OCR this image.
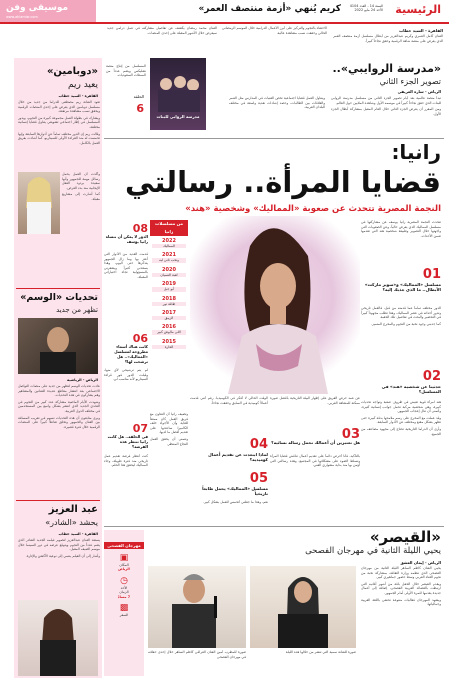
الرئيسية
السنة 14 - العدد 4104
الأحد 24 مايو 2022
كريم يُنهي «أزمة منتصف العمر»
موسيقى وفن
www.ahlamisr.com
القاهرة - السيد خطاب

الفنان كامل العمري وكريم عبدالعزيز من أبطال مسلسل أزمة منتصف العمر الذي يعرض على منصة شاهد الرقمية وحقق نجاحاً كبيراً.

الاحتفاء بالنجوم والتركيز على أبرز الأعمال الدرامية خلال الموسم الرمضاني الحالي وحققت نسب مشاهدة عالية.

الفنان محمد رمضان يكشف عن تفاصيل مشاركته في عمل درامي جديد سيعرض خلال الأشهر المقبلة على إحدى المنصات.

«دوبامين»
يعيد ريم
القاهرة - السيد خطاب

تعود الفنانة ريم مصطفى للدراما من جديد من خلال مسلسل دوبامين الذي يعرض على إحدى المنصات الرقمية ويحقق نسب مشاهدة مرتفعة.

ويشارك في بطولة العمل مجموعة كبيرة من النجوم، ويدور المسلسل في إطار اجتماعي تشويقي يتناول قضايا إنسانية مختلفة.

وقالت ريم إن الدور مختلف تماماً عن أدوارها السابقة وإنها تحمست له منذ القراءة الأولى للسيناريو، كما أشادت بفريق العمل بالكامل.

وأكدت أن العمل يحمل رسائل مهمة للجمهور وأنها سعيدة بردود الفعل الإيجابية منذ بدء العرض.

كما أشارت إلى مشاريع مقبلة.

تحديات «الوسم»
تظهر من جديد
الرياض - الرياضية

عادت تحديات الوسم لتظهر من جديد على منصات التواصل الاجتماعي بعد انتشار مقاطع عديدة للفنانين والمشاهير وهم يشاركون في هذه التحديات.

وشهدت الأيام الماضية مشاركة عدد كبير من النجوم في التحدي الجديد الذي انتشر بشكل واسع بين المستخدمين في مختلف الدول العربية.

ويرى متابعون أن هذه التحديات تسهم في تقريب المسافة بين الفنان والجمهور وتخلق تفاعلاً كبيراً على المنصات الرقمية خلال فترة قصيرة.

عبد العزيز
يحشد «الشادر»
القاهرة - السيد خطاب

يستعد الفنان عبدالعزيز لتصوير فيلمه الجديد الشادر الذي يضم عدداً من النجوم ويتوقع عرضه في دور السينما خلال موسم الصيف المقبل.

وأشار إلى أن الفيلم ينتمي إلى نوعية الأكشن والإثارة.

مدرسة الروابي للبنات
الحلقة
6

المسلسل من إنتاج منصة نتفليكس ويضم عدداً من الممثلات السعوديات.

«مدرسة الروايبي»..
تصوير الجزء الثاني
الرياض - سارة العريفي

تبدأ منصة عالمية بعد أيام تصوير الجزء الثاني من مسلسل مدرسة الروابي للبنات الذي حقق نجاحاً كبيراً في موسمه الأول وشاهده الملايين حول العالم.

ومن المقرر أن يعرض الجزء الثاني خلال العام المقبل بمشاركة أبطال الجزء الأول.

ويتناول العمل قضايا اجتماعية تخص الفتيات في المدارس مثل التنمر والعلاقات بين الطالبات، وحصد إشادات نقدية واسعة في مختلف البلدان العربية.

رانيا:
قضايا المرأة.. رسالتي
النجمة المصرية تتحدث عن صعوبة «المماليك» وشخصية «هند»

تتحدث النجمة المصرية رانيا يوسف عن مشاركتها في مسلسل المماليك الذي يعرض حالياً، وعن الصعوبات التي واجهتها خلال التصوير وطبيعة شخصية هند التي تقدمها ضمن الأحداث.

01
مسلسل «المماليك» و«سوبر ماركت» الأبطال.. ما الذي جذبك إليه؟

الدور مختلف تماماً عما قدمته من قبل، فالعمل تاريخي وتدور أحداثه في عصر المماليك، وهذا تطلب مجهوداً كبيراً في التحضير والبحث في تفاصيل تلك الحقبة.

كما جذبني وجود نخبة من النجوم والمخرج المتميز.

02
حدثينا عن شخصية «هند» في المسلسل؟

هند امرأة قوية تعيش في ظروف صعبة وتواجه تحديات كبيرة، وهي شخصية مركبة تحمل جوانب إنسانية كثيرة، وأتمنى أن تنال إعجاب الجمهور.

وقد عملت مع المخرج على رسم ملامحها بدقة كبيرة حتى تظهر بشكل مقنع ومختلف عن الأدوار السابقة.

وأرى أن الدراما التاريخية تحتاج إلى مجهود مضاعف من الجميع.

03
هل تعتبرين أن أعمالك تحمل رسالة نسائية؟

عن عمد حرص الفريق على إظهار البيئة التاريخية بأفضل صورة ممكنة للمشاهد العربي.

بالتأكيد، فأنا أحرص دائماً على تقديم أعمال تناقش قضايا المرأة وتسلط الضوء على مشكلاتها في المجتمع، وهذه رسالتي التي أؤمن بها منذ بداية مشواري الفني.

الوقت الحالي لا أفكر في الكوميديا، رغم أنني قدمت أعمالاً كوميدية في السابق وحققت نجاحاً.

04
لماذا ابتعدت عن تقديم أعمال كوميدية؟
05
مسلسل «المماليك» يحمل طابعاً تاريخياً

نعم، وهذا ما جعلني أتحمس للعمل بشكل كبير.

من مسلسلات رانيا
2022
المماليك
2021
ونحب تاني ليه
2020
لعبة النسيان
2019
أبو جبل
2018
طاقة نور
2017
الزيبق
2016
اللى مالوش كبير
2015
الحارة
08
الدور لا يمكن أن ننساه رانيا يوسف

قدمت العديد من الأدوار التي أعتز بها وما زال الجمهور يتذكرها حتى اليوم، وهذا يسعدني كثيراً ويشعرني بالمسؤولية تجاه اختياراتي المقبلة.

06
كانت هناك أسماء مطروحة لمسلسل «المماليك».. هل ترشحت لها؟

لم يتم ترشيحي لأي منها، وقبلت الدور فور قراءة السيناريو لأنه مناسب لي.

07
في الحلقة.. هل كانت رانيا تنتظر هذه الفرصة؟

كنت أنتظر فرصة تقديم عمل تاريخي منذ فترة طويلة، وجاء المماليك ليحقق هذا الحلم.

وتضيف رانيا أن التعاون مع فريق العمل كان ممتعاً للغاية وأن الأجواء خلف الكاميرا ساعدتها على تقديم أفضل ما لديها.

وتتمنى أن يحقق العمل النجاح المنتظر.

«القيصر»
يحيي الليلة الثانية في مهرجان الفصحى
الرياض - إيمان العشق

يحيي الفنان كاظم الساهر الليلة الثانية من مهرجان الفصحى الذي تنظمه وزارة الثقافة، بمشاركة نخبة من نجوم الغناء العربي وسط حضور جماهيري كبير.

ويقدم القيصر خلال الحفل باقة من أشهر أغانيه التي ارتبطت بالقصائد العربية الفصحى، إضافة إلى أعمال جديدة يقدمها للمرة الأولى أمام الجمهور.

ويشهد المهرجان فعاليات متنوعة تحتفي باللغة العربية وجمالياتها.

صورة للفنانة سمية التي تنشر من خلالها هذه الليلة

صورة للمطرب أمين الفنان العراقي كاظم الساهر خلال إحدى حفلاته في مهرجان الفصحى

مهرجان الفصحى
▣
المكان
الرياض
◷
الأحد
الزمان
7 مساءً
▩
السعر
